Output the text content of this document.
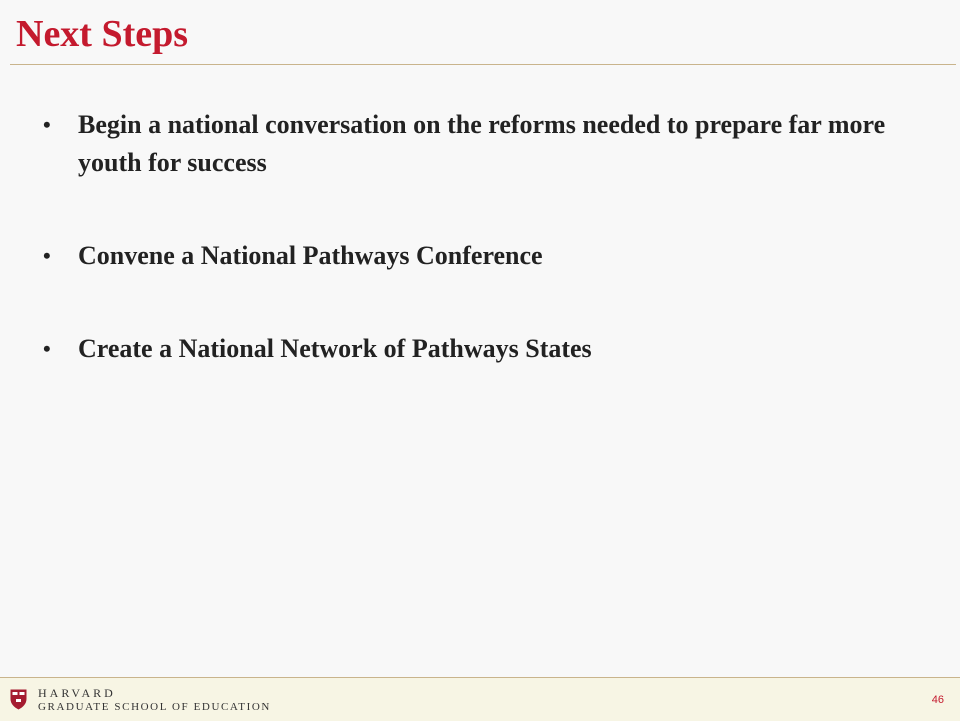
Next Steps
•	Begin a national conversation on the reforms needed to prepare far more youth for success
•	Convene a National Pathways Conference
•	Create a National Network of Pathways States
HARVARD
GRADUATE SCHOOL OF EDUCATION
46
